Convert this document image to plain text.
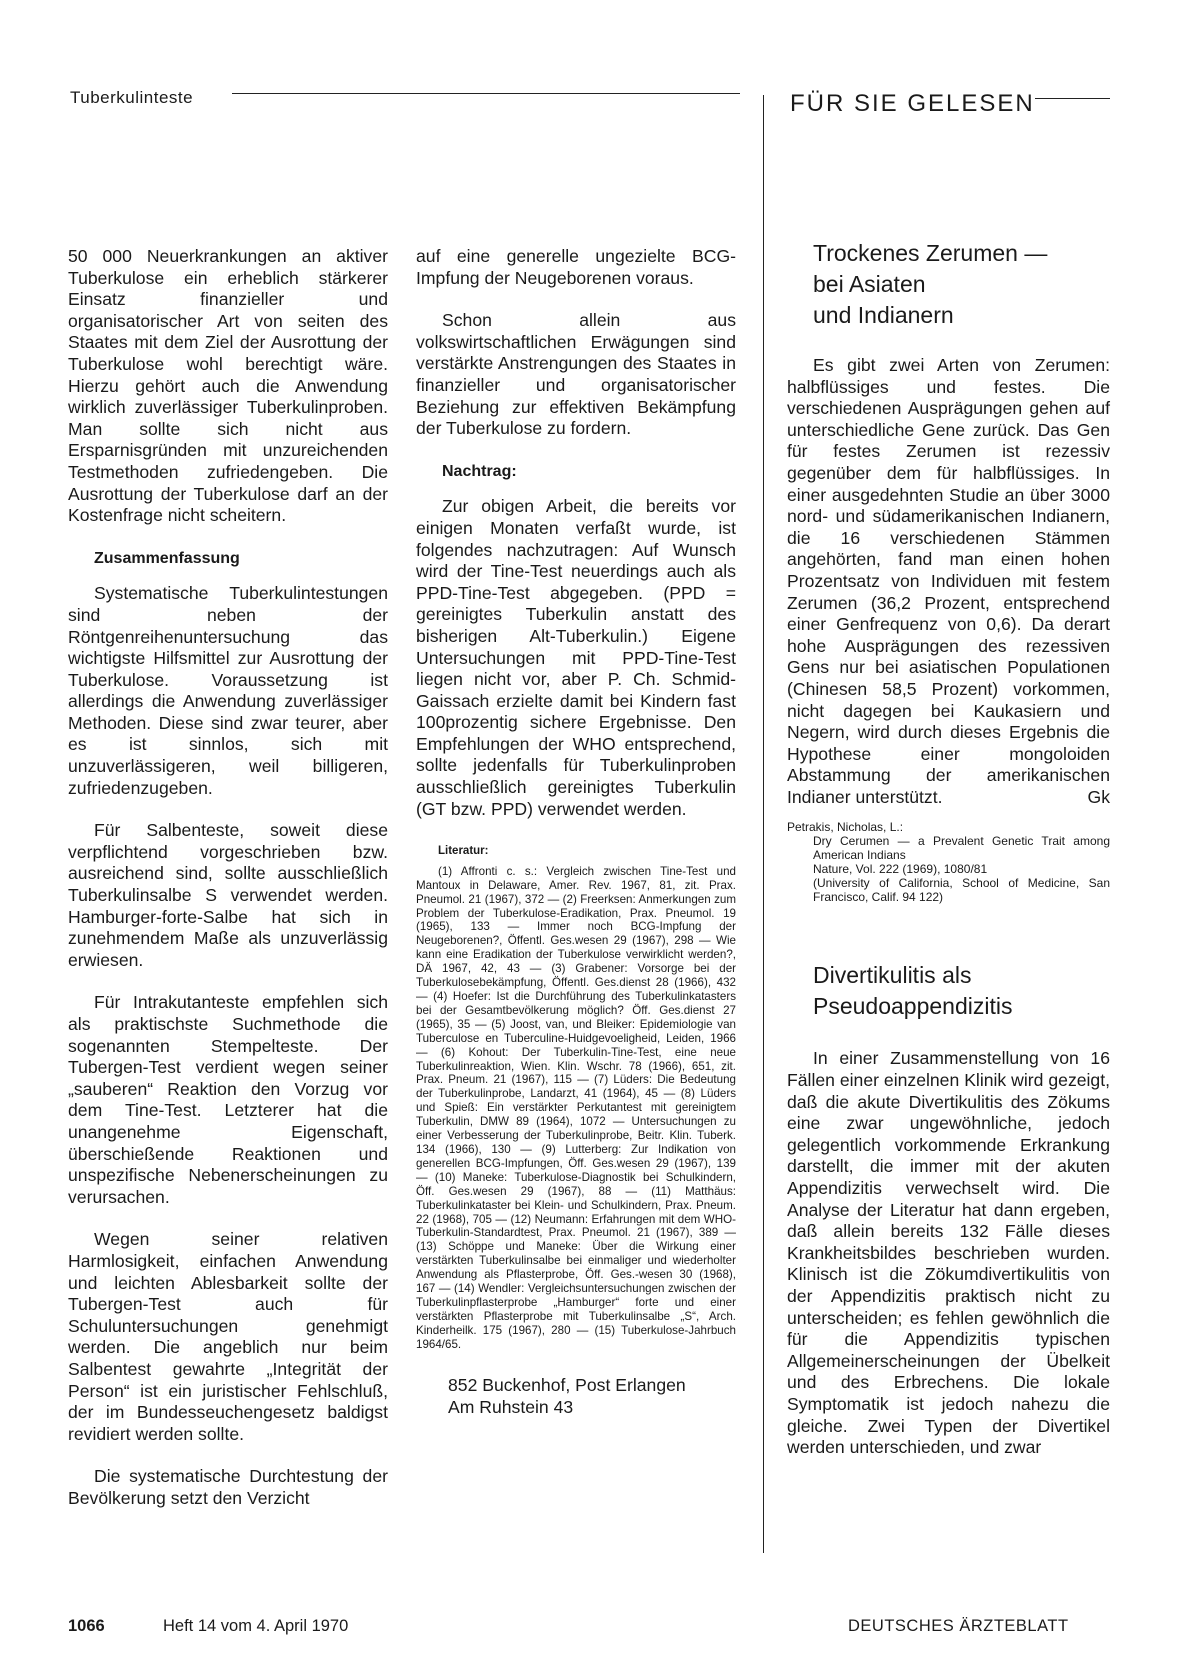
Tuberkulinteste	FÜR SIE GELESEN

50 000 Neuerkrankungen an aktiver Tuberkulose ein erheblich stärkerer Einsatz finanzieller und organisatorischer Art von seiten des Staates mit dem Ziel der Ausrottung der Tuberkulose wohl berechtigt wäre. Hierzu gehört auch die Anwendung wirklich zuverlässiger Tuberkulinproben. Man sollte sich nicht aus Ersparnisgründen mit unzureichenden Testmethoden zufriedengeben. Die Ausrottung der Tuberkulose darf an der Kostenfrage nicht scheitern.

Zusammenfassung

Systematische Tuberkulintestungen sind neben der Röntgenreihenuntersuchung das wichtigste Hilfsmittel zur Ausrottung der Tuberkulose. Voraussetzung ist allerdings die Anwendung zuverlässiger Methoden. Diese sind zwar teurer, aber es ist sinnlos, sich mit unzuverlässigeren, weil billigeren, zufriedenzugeben.

Für Salbenteste, soweit diese verpflichtend vorgeschrieben bzw. ausreichend sind, sollte ausschließlich Tuberkulinsalbe S verwendet werden. Hamburger-forte-Salbe hat sich in zunehmendem Maße als unzuverlässig erwiesen.

Für Intrakutanteste empfehlen sich als praktischste Suchmethode die sogenannten Stempelteste. Der Tubergen-Test verdient wegen seiner „sauberen“ Reaktion den Vorzug vor dem Tine-Test. Letzterer hat die unangenehme Eigenschaft, überschießende Reaktionen und unspezifische Nebenerscheinungen zu verursachen.

Wegen seiner relativen Harmlosigkeit, einfachen Anwendung und leichten Ablesbarkeit sollte der Tubergen-Test auch für Schuluntersuchungen genehmigt werden. Die angeblich nur beim Salbentest gewahrte „Integrität der Person“ ist ein juristischer Fehlschluß, der im Bundesseuchengesetz baldigst revidiert werden sollte.

Die systematische Durchtestung der Bevölkerung setzt den Verzicht

auf eine generelle ungezielte BCG-Impfung der Neugeborenen voraus.

Schon allein aus volkswirtschaftlichen Erwägungen sind verstärkte Anstrengungen des Staates in finanzieller und organisatorischer Beziehung zur effektiven Bekämpfung der Tuberkulose zu fordern.

Nachtrag:

Zur obigen Arbeit, die bereits vor einigen Monaten verfaßt wurde, ist folgendes nachzutragen: Auf Wunsch wird der Tine-Test neuerdings auch als PPD-Tine-Test abgegeben. (PPD = gereinigtes Tuberkulin anstatt des bisherigen Alt-Tuberkulin.) Eigene Untersuchungen mit PPD-Tine-Test liegen nicht vor, aber P. Ch. Schmid-Gaissach erzielte damit bei Kindern fast 100prozentig sichere Ergebnisse. Den Empfehlungen der WHO entsprechend, sollte jedenfalls für Tuberkulinproben ausschließlich gereinigtes Tuberkulin (GT bzw. PPD) verwendet werden.

Literatur:

(1) Affronti c. s.: Vergleich zwischen Tine-Test und Mantoux in Delaware, Amer. Rev. 1967, 81, zit. Prax. Pneumol. 21 (1967), 372 — (2) Freerksen: Anmerkungen zum Problem der Tuberkulose-Eradikation, Prax. Pneumol. 19 (1965), 133 — Immer noch BCG-Impfung der Neugeborenen?, Öffentl. Ges.wesen 29 (1967), 298 — Wie kann eine Eradikation der Tuberkulose verwirklicht werden?, DÄ 1967, 42, 43 — (3) Grabener: Vorsorge bei der Tuberkulosebekämpfung, Öffentl. Ges.dienst 28 (1966), 432 — (4) Hoefer: Ist die Durchführung des Tuberkulinkatasters bei der Gesamtbevölkerung möglich? Öff. Ges.dienst 27 (1965), 35 — (5) Joost, van, und Bleiker: Epidemiologie van Tuberculose en Tuberculine-Huidgevoeligheid, Leiden, 1966 — (6) Kohout: Der Tuberkulin-Tine-Test, eine neue Tuberkulinreaktion, Wien. Klin. Wschr. 78 (1966), 651, zit. Prax. Pneum. 21 (1967), 115 — (7) Lüders: Die Bedeutung der Tuberkulinprobe, Landarzt, 41 (1964), 45 — (8) Lüders und Spieß: Ein verstärkter Perkutantest mit gereinigtem Tuberkulin, DMW 89 (1964), 1072 — Untersuchungen zu einer Verbesserung der Tuberkulinprobe, Beitr. Klin. Tuberk. 134 (1966), 130 — (9) Lutterberg: Zur Indikation von generellen BCG-Impfungen, Öff. Ges.wesen 29 (1967), 139 — (10) Maneke: Tuberkulose-Diagnostik bei Schulkindern, Öff. Ges.wesen 29 (1967), 88 — (11) Matthäus: Tuberkulinkataster bei Klein- und Schulkindern, Prax. Pneum. 22 (1968), 705 — (12) Neumann: Erfahrungen mit dem WHO-Tuberkulin-Standardtest, Prax. Pneumol. 21 (1967), 389 — (13) Schöppe und Maneke: Über die Wirkung einer verstärkten Tuberkulinsalbe bei einmaliger und wiederholter Anwendung als Pflasterprobe, Öff. Ges.-wesen 30 (1968), 167 — (14) Wendler: Vergleichsuntersuchungen zwischen der Tuberkulinpflasterprobe „Hamburger“ forte und einer verstärkten Pflasterprobe mit Tuberkulinsalbe „S“, Arch. Kinderheilk. 175 (1967), 280 — (15) Tuberkulose-Jahrbuch 1964/65.

852 Buckenhof, Post Erlangen
Am Ruhstein 43
Trockenes Zerumen —
bei Asiaten
und Indianern

Es gibt zwei Arten von Zerumen: halbflüssiges und festes. Die verschiedenen Ausprägungen gehen auf unterschiedliche Gene zurück. Das Gen für festes Zerumen ist rezessiv gegenüber dem für halbflüssiges. In einer ausgedehnten Studie an über 3000 nord- und südamerikanischen Indianern, die 16 verschiedenen Stämmen angehörten, fand man einen hohen Prozentsatz von Individuen mit festem Zerumen (36,2 Prozent, entsprechend einer Genfrequenz von 0,6). Da derart hohe Ausprägungen des rezessiven Gens nur bei asiatischen Populationen (Chinesen 58,5 Prozent) vorkommen, nicht dagegen bei Kaukasiern und Negern, wird durch dieses Ergebnis die Hypothese einer mongoloiden Abstammung der amerikanischen Indianer unterstützt.	Gk

Petrakis, Nicholas, L.:
Dry Cerumen — a Prevalent Genetic Trait among American Indians
Nature, Vol. 222 (1969), 1080/81
(University of California, School of Medicine, San Francisco, Calif. 94 122)
Divertikulitis als
Pseudoappendizitis

In einer Zusammenstellung von 16 Fällen einer einzelnen Klinik wird gezeigt, daß die akute Divertikulitis des Zökums eine zwar ungewöhnliche, jedoch gelegentlich vorkommende Erkrankung darstellt, die immer mit der akuten Appendizitis verwechselt wird. Die Analyse der Literatur hat dann ergeben, daß allein bereits 132 Fälle dieses Krankheitsbildes beschrieben wurden. Klinisch ist die Zökumdivertikulitis von der Appendizitis praktisch nicht zu unterscheiden; es fehlen gewöhnlich die für die Appendizitis typischen Allgemeinerscheinungen der Übelkeit und des Erbrechens. Die lokale Symptomatik ist jedoch nahezu die gleiche. Zwei Typen der Divertikel werden unterschieden, und zwar

1066	Heft 14 vom 4. April 1970	DEUTSCHES ÄRZTEBLATT
